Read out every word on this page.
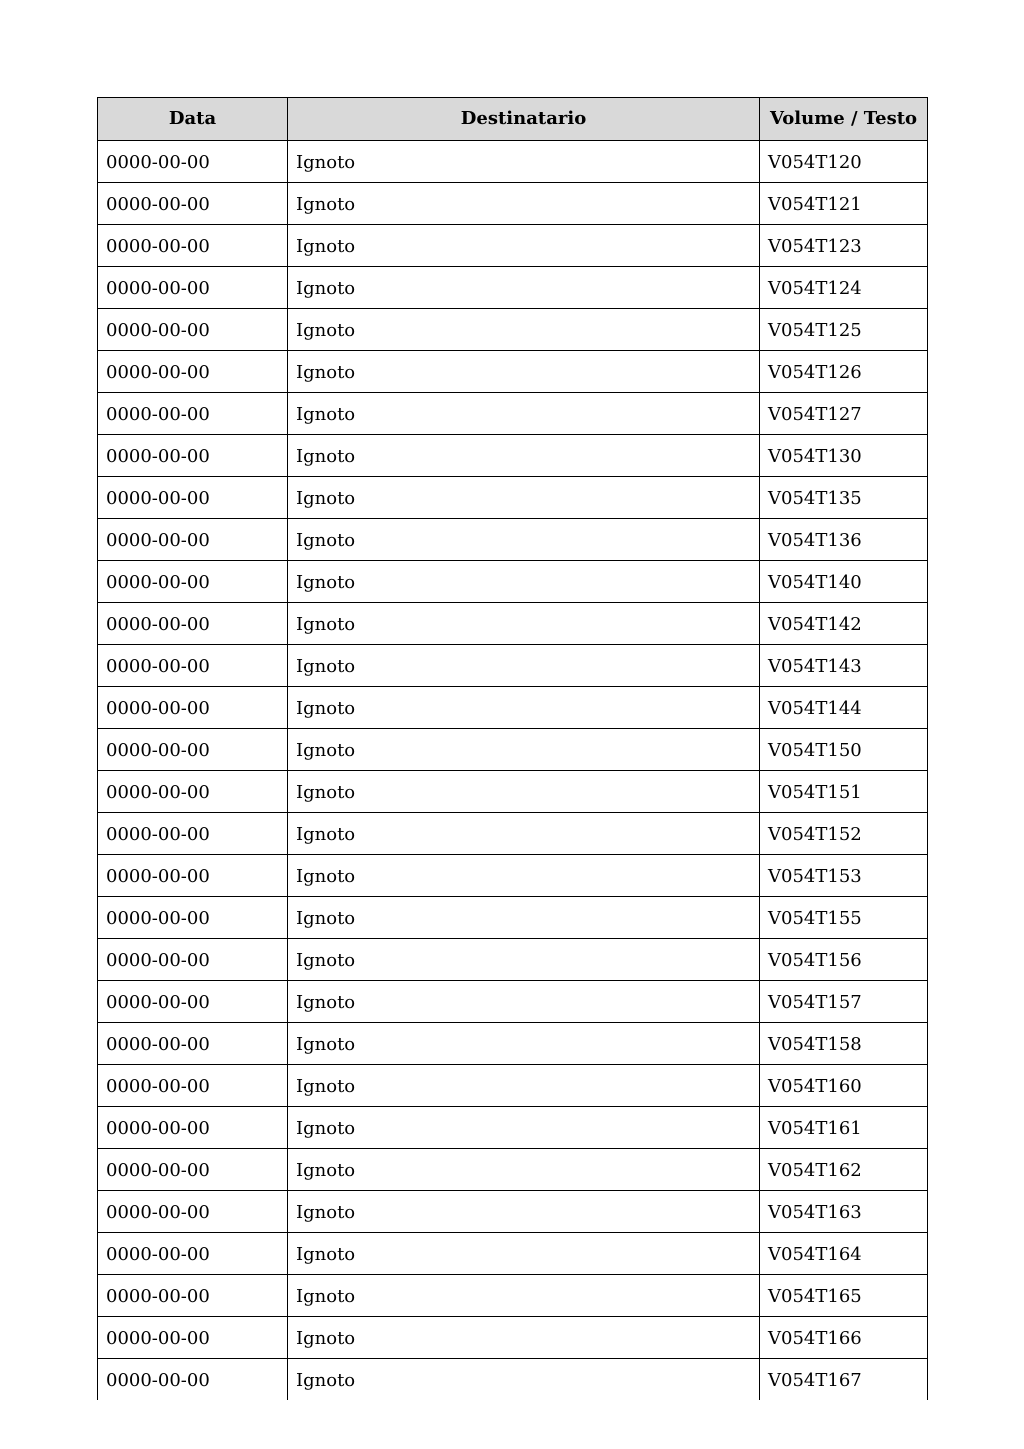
Data	Destinatario	Volume / Testo
0000-00-00	Ignoto	V054T120
0000-00-00	Ignoto	V054T121
0000-00-00	Ignoto	V054T123
0000-00-00	Ignoto	V054T124
0000-00-00	Ignoto	V054T125
0000-00-00	Ignoto	V054T126
0000-00-00	Ignoto	V054T127
0000-00-00	Ignoto	V054T130
0000-00-00	Ignoto	V054T135
0000-00-00	Ignoto	V054T136
0000-00-00	Ignoto	V054T140
0000-00-00	Ignoto	V054T142
0000-00-00	Ignoto	V054T143
0000-00-00	Ignoto	V054T144
0000-00-00	Ignoto	V054T150
0000-00-00	Ignoto	V054T151
0000-00-00	Ignoto	V054T152
0000-00-00	Ignoto	V054T153
0000-00-00	Ignoto	V054T155
0000-00-00	Ignoto	V054T156
0000-00-00	Ignoto	V054T157
0000-00-00	Ignoto	V054T158
0000-00-00	Ignoto	V054T160
0000-00-00	Ignoto	V054T161
0000-00-00	Ignoto	V054T162
0000-00-00	Ignoto	V054T163
0000-00-00	Ignoto	V054T164
0000-00-00	Ignoto	V054T165
0000-00-00	Ignoto	V054T166
0000-00-00	Ignoto	V054T167
